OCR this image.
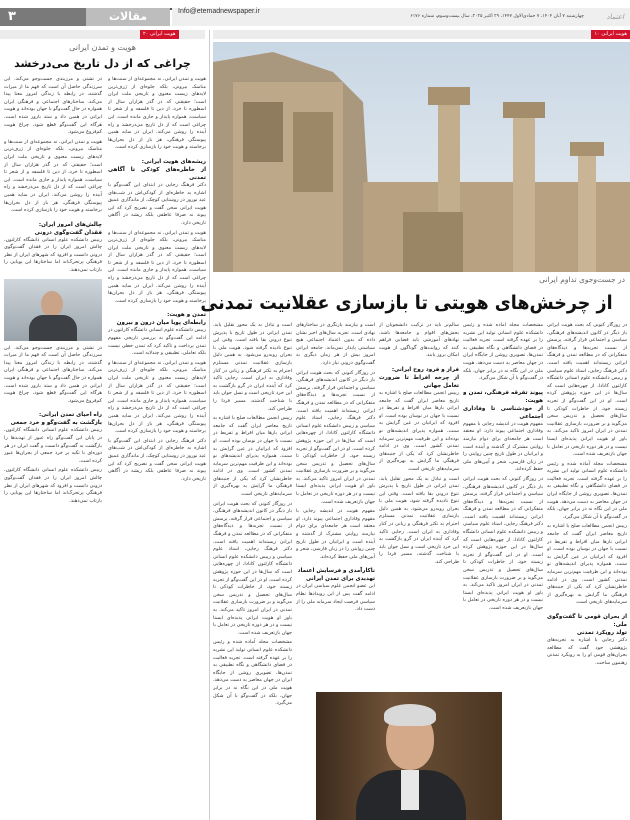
۳	مقالات	Info@etemadnewspaper.ir
چهارشنبه ۷ آبان ۱۴۰۴، ۷ جمادی‌الاول ۱۴۴۷، ۲۹ اکتبر ۲۰۲۵، سال بیست‌وسوم، شماره ۶۱۷۶	اعتماد
هویت ایرانی ۲۰	هویت ایرانی ۱۰
هویت و تمدن ایرانی
چراغی که از دل تاریخ می‌درخشد

هویت و تمدن ایرانی، نه مجموعه‌ای از سنت‌ها و مناسک بیرونی، بلکه جلوه‌ای از ژرف‌ترین لایه‌های زیست معنوی و تاریخی ملت ایران است؛ حقیقتی که در گذر هزاران سال از اسطوره تا خرد، از دین تا فلسفه و از شعر تا سیاست، همواره پایدار و جاری مانده است. این چراغی است که از دل تاریخ می‌درخشد و راه آینده را روشن می‌کند. ایران در سایه همین پیوستگی فرهنگی، هر بار از دل بحران‌ها برخاسته و هویت خود را بازسازی کرده است.

ریشه‌های هویت ایرانی:
از خاطره‌های کودکی تا آگاهی تمدنی

دکتر فرهنگ رجایی در ابتدای این گفت‌وگو با اشاره به خاطره‌ای از کودکی‌اش در شب‌های عید نوروز در روستایی کوچک، از ماندگاری عمیق هویت ایرانی سخن گفت و تصریح کرد که این پیوند نه صرفا عاطفی بلکه ریشه در آگاهی تاریخی دارد.

هویت و تمدن ایرانی، نه مجموعه‌ای از سنت‌ها و مناسک بیرونی، بلکه جلوه‌ای از ژرف‌ترین لایه‌های زیست معنوی و تاریخی ملت ایران است؛ حقیقتی که در گذر هزاران سال از اسطوره تا خرد، از دین تا فلسفه و از شعر تا سیاست، همواره پایدار و جاری مانده است. این چراغی است که از دل تاریخ می‌درخشد و راه آینده را روشن می‌کند. ایران در سایه همین پیوستگی فرهنگی، هر بار از دل بحران‌ها برخاسته و هویت خود را بازسازی کرده است.

تمدن و هویت:
رابطه‌ای پویا میان درون و بیرون

رییس دانشکده علوم انسانی دانشگاه کارلتون در ادامه این گفت‌وگو به بررسی تاریخی مفهوم تمدن پرداخت و تاکید کرد که تمدن خطی نیست بلکه تعاملی، تطبیقی و چندلایه است.

هویت و تمدن ایرانی، نه مجموعه‌ای از سنت‌ها و مناسک بیرونی، بلکه جلوه‌ای از ژرف‌ترین لایه‌های زیست معنوی و تاریخی ملت ایران است؛ حقیقتی که در گذر هزاران سال از اسطوره تا خرد، از دین تا فلسفه و از شعر تا سیاست، همواره پایدار و جاری مانده است. این چراغی است که از دل تاریخ می‌درخشد و راه آینده را روشن می‌کند. ایران در سایه همین پیوستگی فرهنگی، هر بار از دل بحران‌ها برخاسته و هویت خود را بازسازی کرده است.

دکتر فرهنگ رجایی در ابتدای این گفت‌وگو با اشاره به خاطره‌ای از کودکی‌اش در شب‌های عید نوروز در روستایی کوچک، از ماندگاری عمیق هویت ایرانی سخن گفت و تصریح کرد که این پیوند نه صرفا عاطفی بلکه ریشه در آگاهی تاریخی دارد.

در تشتی و مرزبندی جست‌وجو می‌کند. این سرزندگی حاصل آن است که فهم ما از میراث گذشته، در رابطه با زندگی امروز معنا پیدا می‌کند. ساختارهای اجتماعی و فرهنگی ایران همواره در حال گفت‌وگو با جهان بوده‌اند و هویت ایرانی در همین داد و ستد بارور شده است. هرگاه این گفت‌وگو قطع شود، چراغ هویت کم‌فروغ می‌شود.

هویت و تمدن ایرانی، نه مجموعه‌ای از سنت‌ها و مناسک بیرونی، بلکه جلوه‌ای از ژرف‌ترین لایه‌های زیست معنوی و تاریخی ملت ایران است؛ حقیقتی که در گذر هزاران سال از اسطوره تا خرد، از دین تا فلسفه و از شعر تا سیاست، همواره پایدار و جاری مانده است. این چراغی است که از دل تاریخ می‌درخشد و راه آینده را روشن می‌کند. ایران در سایه همین پیوستگی فرهنگی، هر بار از دل بحران‌ها برخاسته و هویت خود را بازسازی کرده است.

چالش‌های امروز ایران:
فقدان گفت‌وگوی درونی

رییس دانشکده علوم انسانی دانشگاه کارلتون، چالش امروز ایران را در فقدان گفت‌وگوی درونی دانست و افزود که شهرهای ایران از نظر فرهنگی پرتحرک‌اند اما ساختارها این پویایی را بازتاب نمی‌دهند.

در تشتی و مرزبندی جست‌وجو می‌کند. این سرزندگی حاصل آن است که فهم ما از میراث گذشته، در رابطه با زندگی امروز معنا پیدا می‌کند. ساختارهای اجتماعی و فرهنگی ایران همواره در حال گفت‌وگو با جهان بوده‌اند و هویت ایرانی در همین داد و ستد بارور شده است. هرگاه این گفت‌وگو قطع شود، چراغ هویت کم‌فروغ می‌شود.

راه احیای تمدن ایرانی:
بازگشت به گفت‌وگو و خرد جمعی

رییس دانشکده علوم انسانی دانشگاه کارلتون، در پایان این گفت‌وگو راه عبور از تهدیدها را بازگشت به گفت‌وگو دانست و گفت ایران در هر دوره‌ای با تکیه بر خرد جمعی از بحران‌ها عبور کرده است.

رییس دانشکده علوم انسانی دانشگاه کارلتون، چالش امروز ایران را در فقدان گفت‌وگوی درونی دانست و افزود که شهرهای ایران از نظر فرهنگی پرتحرک‌اند اما ساختارها این پویایی را بازتاب نمی‌دهند.

در جست‌وجوی تداوم ایرانی
از چرخش‌های هویتی تا بازسازی عقلانیت تمدنی

در روزگار کنونی که بحث هویت ایرانی بار دیگر در کانون اندیشه‌های فرهنگی، سیاسی و اجتماعی قرار گرفته، پرسش از نسبت تجربه‌ها و دیدگاه‌های متفکرانی که در مطالعه تمدن و فرهنگ ایرانی زیسته‌اند اهمیت یافته است. دکتر فرهنگ رجایی، استاد علوم سیاسی و رییس دانشکده علوم انسانی دانشگاه کارلتون کانادا، از چهره‌هایی است که سال‌ها در این حوزه پژوهش کرده است. او در این گفت‌وگو از تجربه زیسته خود، از خاطرات کودکی تا سال‌های تحصیل و تدریس سخن می‌گوید و بر ضرورت بازسازی عقلانیت تمدنی در ایران امروز تاکید می‌کند. به باور او هویت ایرانی پدیده‌ای ایستا نیست و در هر دوره تاریخی در تعامل با جهان بازتعریف شده است.

مشخصات مجله آماده شده و رئیس دانشکده علوم انسانی تولید این نشریه را بر عهده گرفته است. تجربه فعالیت در فضای دانشگاهی و نگاه تطبیقی به تمدن‌ها، تصویری روشن از جایگاه ایران در جهان معاصر به دست می‌دهد. هویت ملی در این نگاه نه در برابر جهان، بلکه در گفت‌وگو با آن شکل می‌گیرد.

رییس انجمن مطالعات صلح با اشاره به تاریخ معاصر ایران گفت که جامعه ایرانی بارها میان افراط و تفریط در نسبت با جهان در نوسان بوده است. او افزود که ایرانیان در عین گرایش به سنت، همواره پذیرای اندیشه‌های نو بوده‌اند و این ظرفیت مهم‌ترین سرمایه تمدنی کشور است. وی در ادامه خاطرنشان کرد که یکی از جنبه‌های فرهنگی ما گرایش به بهره‌گیری از سرمایه‌های تاریخی است.

از بحران قومی تا گفت‌وگوی ملی:
تولد رویکرد تمدنی

دکتر رجایی با اشاره به تجربه‌های پژوهشی خود گفت که مطالعه بحران‌های قومی او را به رویکرد تمدنی رهنمون ساخت.

مشخصات مجله آماده شده و رئیس دانشکده علوم انسانی تولید این نشریه را بر عهده گرفته است. تجربه فعالیت در فضای دانشگاهی و نگاه تطبیقی به تمدن‌ها، تصویری روشن از جایگاه ایران در جهان معاصر به دست می‌دهد. هویت ملی در این نگاه نه در برابر جهان، بلکه در گفت‌وگو با آن شکل می‌گیرد.

پیوند تفرقه فرهنگی، تمدن و هویت:
از خودشناسی تا وفاداری اجتماعی

مفهوم هویت در اندیشه رجایی با مفهوم وفاداری اجتماعی پیوند دارد. او معتقد است هر جامعه‌ای برای دوام نیازمند روایتی مشترک از گذشته و آینده است و ایرانیان در طول تاریخ چنین روایتی را در زبان فارسی، شعر و آیین‌های ملی حفظ کرده‌اند.

در روزگار کنونی که بحث هویت ایرانی بار دیگر در کانون اندیشه‌های فرهنگی، سیاسی و اجتماعی قرار گرفته، پرسش از نسبت تجربه‌ها و دیدگاه‌های متفکرانی که در مطالعه تمدن و فرهنگ ایرانی زیسته‌اند اهمیت یافته است. دکتر فرهنگ رجایی، استاد علوم سیاسی و رییس دانشکده علوم انسانی دانشگاه کارلتون کانادا، از چهره‌هایی است که سال‌ها در این حوزه پژوهش کرده است. او در این گفت‌وگو از تجربه زیسته خود، از خاطرات کودکی تا سال‌های تحصیل و تدریس سخن می‌گوید و بر ضرورت بازسازی عقلانیت تمدنی در ایران امروز تاکید می‌کند. به باور او هویت ایرانی پدیده‌ای ایستا نیست و در هر دوره تاریخی در تعامل با جهان بازتعریف شده است.

سالم‌تر باید در ترکیب دانشجویان از بخش‌های اقوام و جامعه‌ها باشد. نهادهای آموزشی باید فضایی فراهم کنند که روایت‌های گوناگون از هویت امکان بروز یابند.

فراز و فرود روح ایرانی:
از چرخه افراط تا ضرورت تعامل جهانی

رییس انجمن مطالعات صلح با اشاره به تاریخ معاصر ایران گفت که جامعه ایرانی بارها میان افراط و تفریط در نسبت با جهان در نوسان بوده است. او افزود که ایرانیان در عین گرایش به سنت، همواره پذیرای اندیشه‌های نو بوده‌اند و این ظرفیت مهم‌ترین سرمایه تمدنی کشور است. وی در ادامه خاطرنشان کرد که یکی از جنبه‌های فرهنگی ما گرایش به بهره‌گیری از سرمایه‌های تاریخی است.

است و تبادل به یک محور تقلیل یابد. تمدن ایرانی در طول تاریخ با پذیرش تنوع درونی بقا یافته است. وقتی این تنوع نادیده گرفته شود، هویت ملی با بحران روبه‌رو می‌شود. به همین دلیل بازسازی عقلانیت تمدنی مستلزم احترام به تکثر فرهنگی و زبانی در کنار وفاداری به ایران است. رجایی تاکید کرد که آینده ایران در گرو بازگشت به این خرد تاریخی است و نسل جوان باید با شناخت گذشته، مسیر فردا را طراحی کند.

است و نیازمند بازنگری در ساختارهای نهادی است. تجربه سال‌های اخیر نشان داده که بدون اعتماد اجتماعی هیچ سیاستی پایدار نمی‌ماند. جامعه ایرانی امروز بیش از هر زمان دیگری به گفت‌وگوی درونی نیاز دارد.

در روزگار کنونی که بحث هویت ایرانی بار دیگر در کانون اندیشه‌های فرهنگی، سیاسی و اجتماعی قرار گرفته، پرسش از نسبت تجربه‌ها و دیدگاه‌های متفکرانی که در مطالعه تمدن و فرهنگ ایرانی زیسته‌اند اهمیت یافته است. دکتر فرهنگ رجایی، استاد علوم سیاسی و رییس دانشکده علوم انسانی دانشگاه کارلتون کانادا، از چهره‌هایی است که سال‌ها در این حوزه پژوهش کرده است. او در این گفت‌وگو از تجربه زیسته خود، از خاطرات کودکی تا سال‌های تحصیل و تدریس سخن می‌گوید و بر ضرورت بازسازی عقلانیت تمدنی در ایران امروز تاکید می‌کند. به باور او هویت ایرانی پدیده‌ای ایستا نیست و در هر دوره تاریخی در تعامل با جهان بازتعریف شده است.

مفهوم هویت در اندیشه رجایی با مفهوم وفاداری اجتماعی پیوند دارد. او معتقد است هر جامعه‌ای برای دوام نیازمند روایتی مشترک از گذشته و آینده است و ایرانیان در طول تاریخ چنین روایتی را در زبان فارسی، شعر و آیین‌های ملی حفظ کرده‌اند.

ناکارآمدی و فرسایش اعتماد
تهدیدی برای تمدن ایرانی

این عضو انجمن علوم سیاسی ایران در ادامه گفت پس از این رویدادها نظام سیاسی فرصت ایجاد سرمایه ملی را از دست داد.

است و تبادل به یک محور تقلیل یابد. تمدن ایرانی در طول تاریخ با پذیرش تنوع درونی بقا یافته است. وقتی این تنوع نادیده گرفته شود، هویت ملی با بحران روبه‌رو می‌شود. به همین دلیل بازسازی عقلانیت تمدنی مستلزم احترام به تکثر فرهنگی و زبانی در کنار وفاداری به ایران است. رجایی تاکید کرد که آینده ایران در گرو بازگشت به این خرد تاریخی است و نسل جوان باید با شناخت گذشته، مسیر فردا را طراحی کند.

رییس انجمن مطالعات صلح با اشاره به تاریخ معاصر ایران گفت که جامعه ایرانی بارها میان افراط و تفریط در نسبت با جهان در نوسان بوده است. او افزود که ایرانیان در عین گرایش به سنت، همواره پذیرای اندیشه‌های نو بوده‌اند و این ظرفیت مهم‌ترین سرمایه تمدنی کشور است. وی در ادامه خاطرنشان کرد که یکی از جنبه‌های فرهنگی ما گرایش به بهره‌گیری از سرمایه‌های تاریخی است.

در روزگار کنونی که بحث هویت ایرانی بار دیگر در کانون اندیشه‌های فرهنگی، سیاسی و اجتماعی قرار گرفته، پرسش از نسبت تجربه‌ها و دیدگاه‌های متفکرانی که در مطالعه تمدن و فرهنگ ایرانی زیسته‌اند اهمیت یافته است. دکتر فرهنگ رجایی، استاد علوم سیاسی و رییس دانشکده علوم انسانی دانشگاه کارلتون کانادا، از چهره‌هایی است که سال‌ها در این حوزه پژوهش کرده است. او در این گفت‌وگو از تجربه زیسته خود، از خاطرات کودکی تا سال‌های تحصیل و تدریس سخن می‌گوید و بر ضرورت بازسازی عقلانیت تمدنی در ایران امروز تاکید می‌کند. به باور او هویت ایرانی پدیده‌ای ایستا نیست و در هر دوره تاریخی در تعامل با جهان بازتعریف شده است.

مشخصات مجله آماده شده و رئیس دانشکده علوم انسانی تولید این نشریه را بر عهده گرفته است. تجربه فعالیت در فضای دانشگاهی و نگاه تطبیقی به تمدن‌ها، تصویری روشن از جایگاه ایران در جهان معاصر به دست می‌دهد. هویت ملی در این نگاه نه در برابر جهان، بلکه در گفت‌وگو با آن شکل می‌گیرد.
